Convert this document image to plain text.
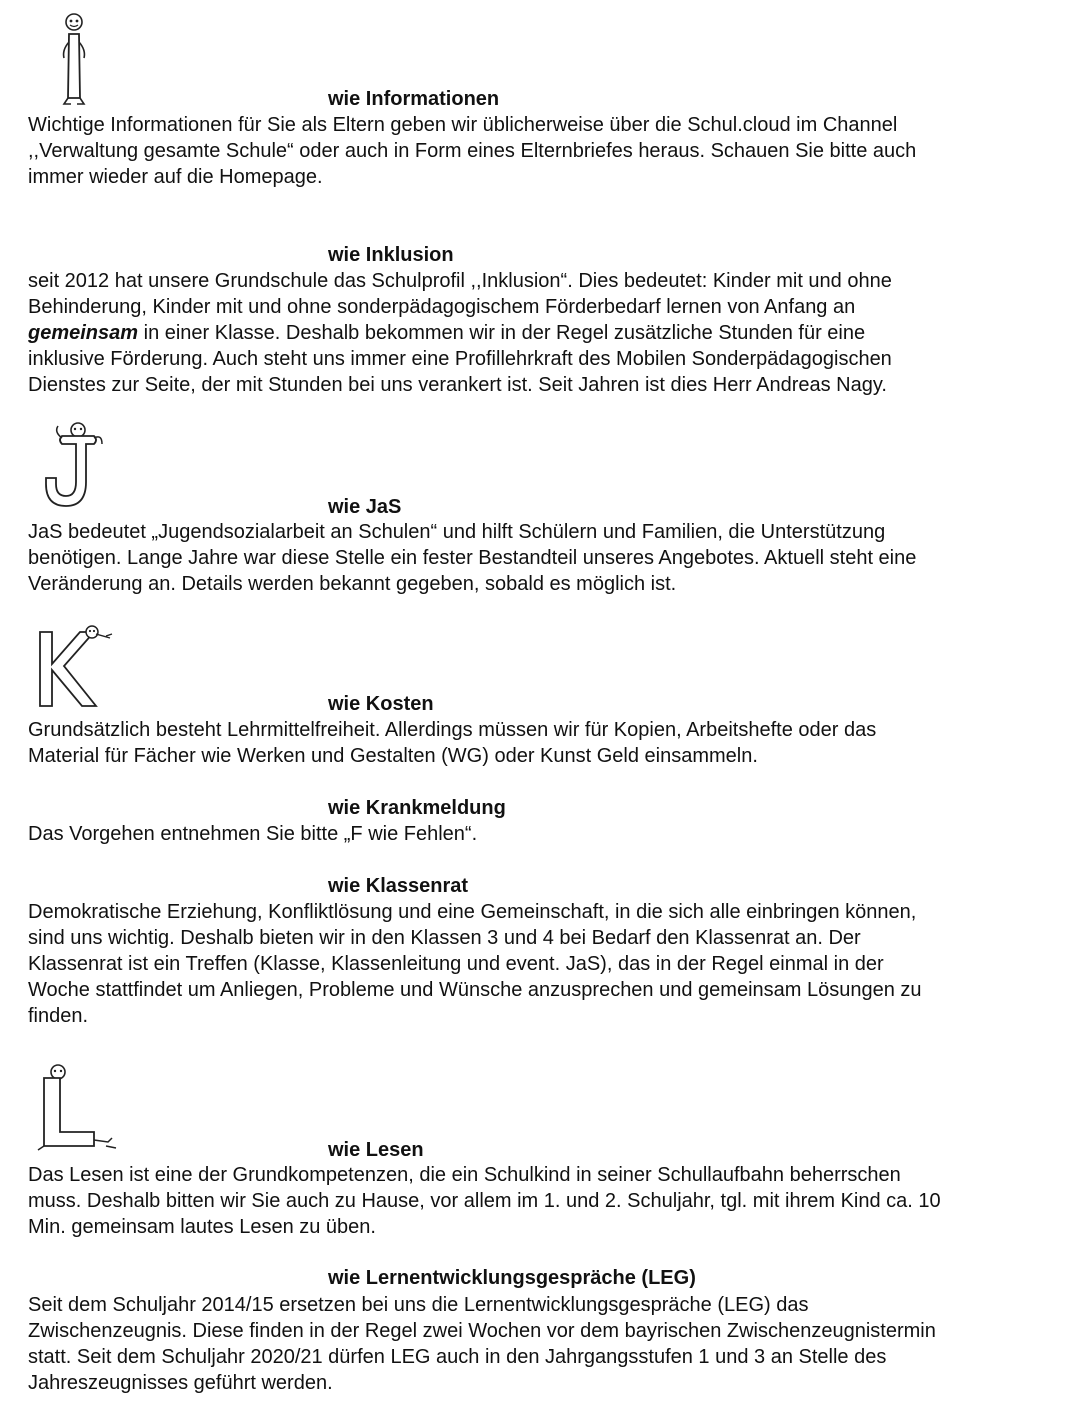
wie Informationen

Wichtige Informationen für Sie als Eltern geben wir üblicherweise über die Schul.cloud im Channel
,,Verwaltung gesamte Schule“ oder auch in Form eines Elternbriefes heraus. Schauen Sie bitte auch
immer wieder auf die Homepage.

wie Inklusion

seit 2012 hat unsere Grundschule das Schulprofil ,,Inklusion“. Dies bedeutet: Kinder mit und ohne
Behinderung, Kinder mit und ohne sonderpädagogischem Förderbedarf lernen von Anfang an
gemeinsam in einer Klasse. Deshalb bekommen wir in der Regel zusätzliche Stunden für eine
inklusive Förderung. Auch steht uns immer eine Profillehrkraft des Mobilen Sonderpädagogischen
Dienstes zur Seite, der mit Stunden bei uns verankert ist. Seit Jahren ist dies Herr Andreas Nagy.

wie JaS

JaS bedeutet „Jugendsozialarbeit an Schulen“ und hilft Schülern und Familien, die Unterstützung
benötigen. Lange Jahre war diese Stelle ein fester Bestandteil unseres Angebotes. Aktuell steht eine
Veränderung an. Details werden bekannt gegeben, sobald es möglich ist.

wie Kosten

Grundsätzlich besteht Lehrmittelfreiheit. Allerdings müssen wir für Kopien, Arbeitshefte oder das
Material für Fächer wie Werken und Gestalten (WG) oder Kunst Geld einsammeln.

wie Krankmeldung

Das Vorgehen entnehmen Sie bitte „F wie Fehlen“.

wie Klassenrat

Demokratische Erziehung, Konfliktlösung und eine Gemeinschaft, in die sich alle einbringen können,
sind uns wichtig. Deshalb bieten wir in den Klassen 3 und 4 bei Bedarf den Klassenrat an. Der
Klassenrat ist ein Treffen (Klasse, Klassenleitung und event. JaS), das in der Regel einmal in der
Woche stattfindet um Anliegen, Probleme und Wünsche anzusprechen und gemeinsam Lösungen zu
finden.

wie Lesen

Das Lesen ist eine der Grundkompetenzen, die ein Schulkind in seiner Schullaufbahn beherrschen
muss. Deshalb bitten wir Sie auch zu Hause, vor allem im 1. und 2. Schuljahr, tgl. mit ihrem Kind ca. 10
Min. gemeinsam lautes Lesen zu üben.

wie Lernentwicklungsgespräche (LEG)

Seit dem Schuljahr 2014/15 ersetzen bei uns die Lernentwicklungsgespräche (LEG) das
Zwischenzeugnis. Diese finden in der Regel zwei Wochen vor dem bayrischen Zwischenzeugnistermin
statt. Seit dem Schuljahr 2020/21 dürfen LEG auch in den Jahrgangsstufen 1 und 3 an Stelle des
Jahreszeugnisses geführt werden.
